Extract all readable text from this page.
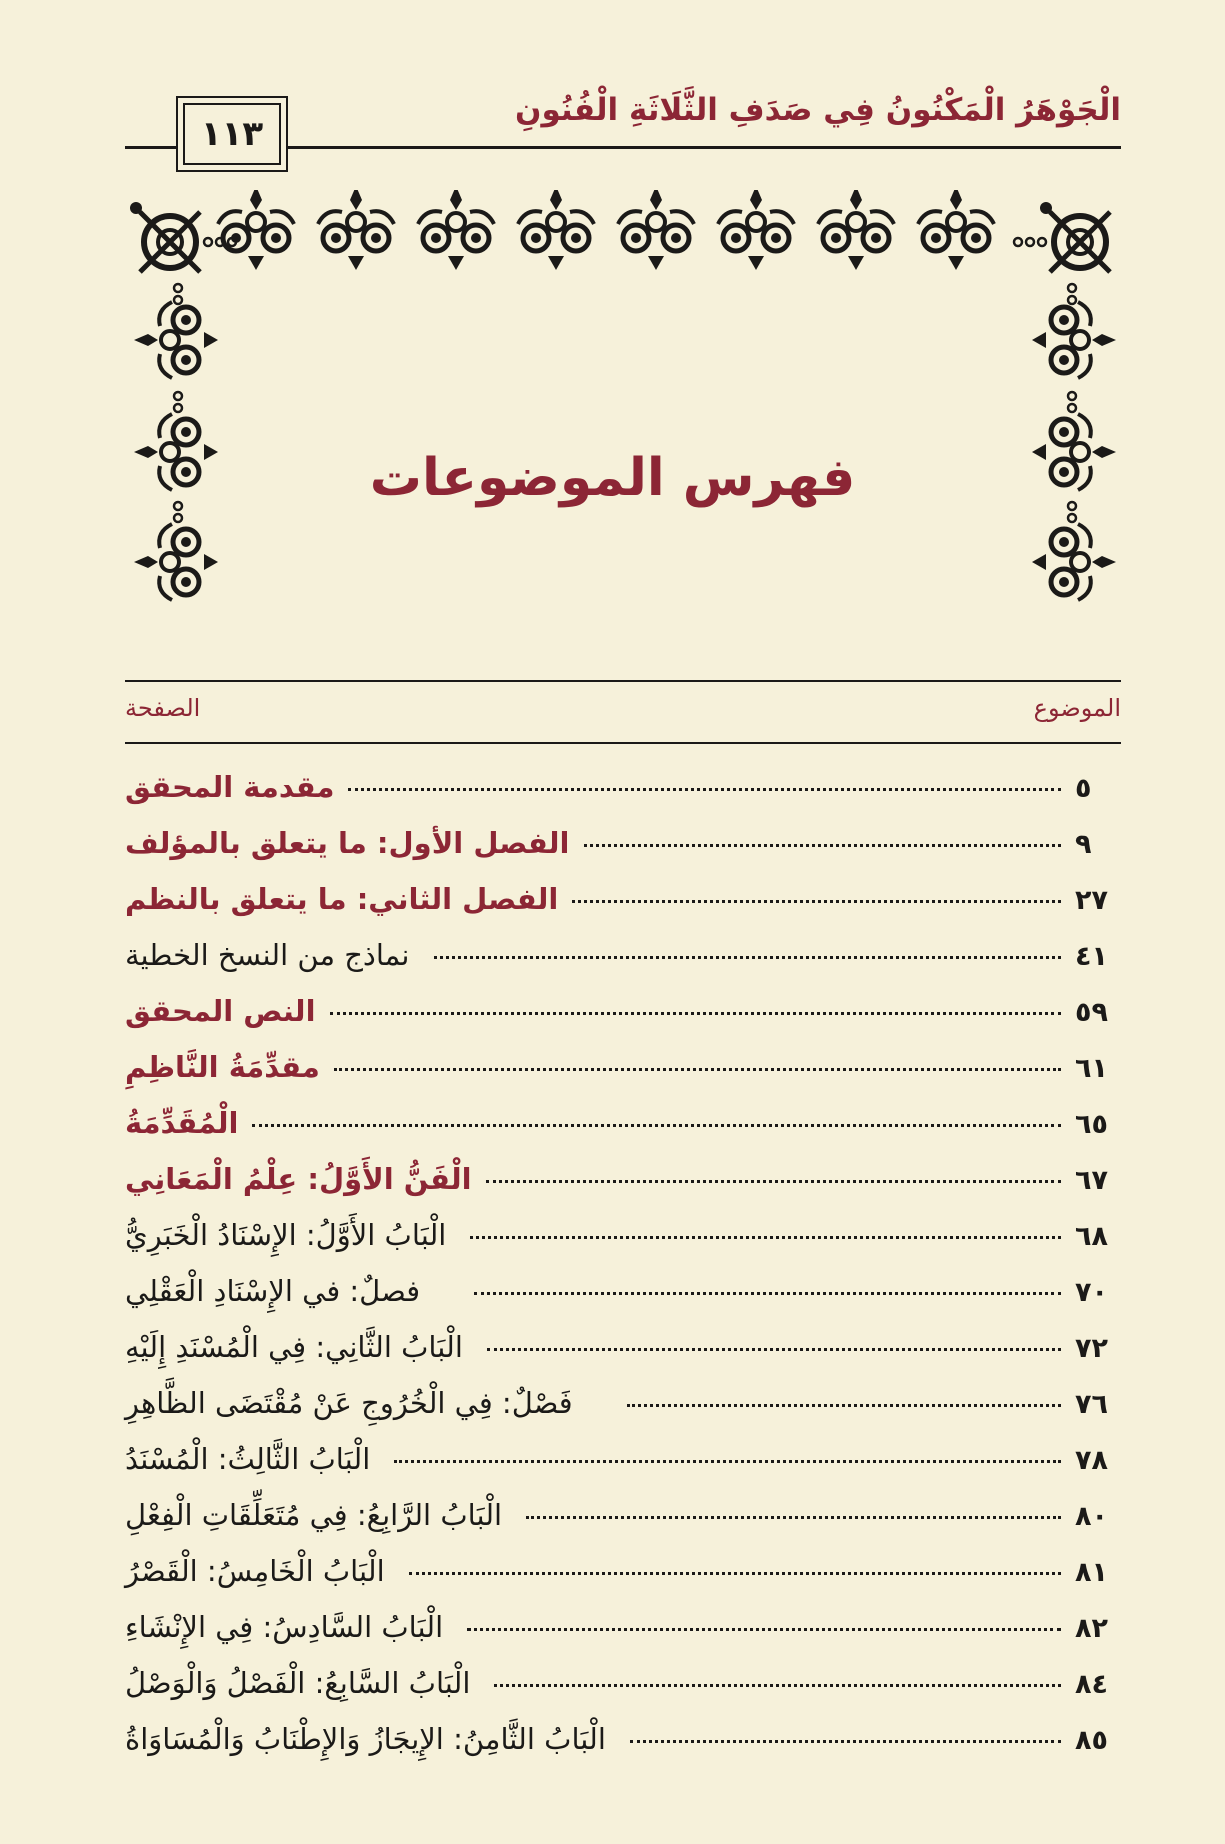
الْجَوْهَرُ الْمَكْنُونُ فِي صَدَفِ الثَّلَاثَةِ الْفُنُونِ
١١٣
فهرس الموضوعات
الموضوع
الصفحة
مقدمة المحقق	٥
الفصل الأول: ما يتعلق بالمؤلف	٩
الفصل الثاني: ما يتعلق بالنظم	٢٧
نماذج من النسخ الخطية	٤١
النص المحقق	٥٩
مقدِّمَةُ النَّاظِمِ	٦١
الْمُقَدِّمَةُ	٦٥
الْفَنُّ الأَوَّلُ: عِلْمُ الْمَعَانِي	٦٧
الْبَابُ الأَوَّلُ: الإِسْنَادُ الْخَبَرِيُّ	٦٨
فصلٌ: في الإِسْنَادِ الْعَقْلِي	٧٠
الْبَابُ الثَّانِي: فِي الْمُسْنَدِ إِلَيْهِ	٧٢
فَصْلٌ: فِي الْخُرُوجِ عَنْ مُقْتَضَى الظَّاهِرِ	٧٦
الْبَابُ الثَّالِثُ: الْمُسْنَدُ	٧٨
الْبَابُ الرَّابِعُ: فِي مُتَعَلِّقَاتِ الْفِعْلِ	٨٠
الْبَابُ الْخَامِسُ: الْقَصْرُ	٨١
الْبَابُ السَّادِسُ: فِي الإِنْشَاءِ	٨٢
الْبَابُ السَّابِعُ: الْفَصْلُ وَالْوَصْلُ	٨٤
الْبَابُ الثَّامِنُ: الإِيجَازُ وَالإِطْنَابُ وَالْمُسَاوَاةُ	٨٥
